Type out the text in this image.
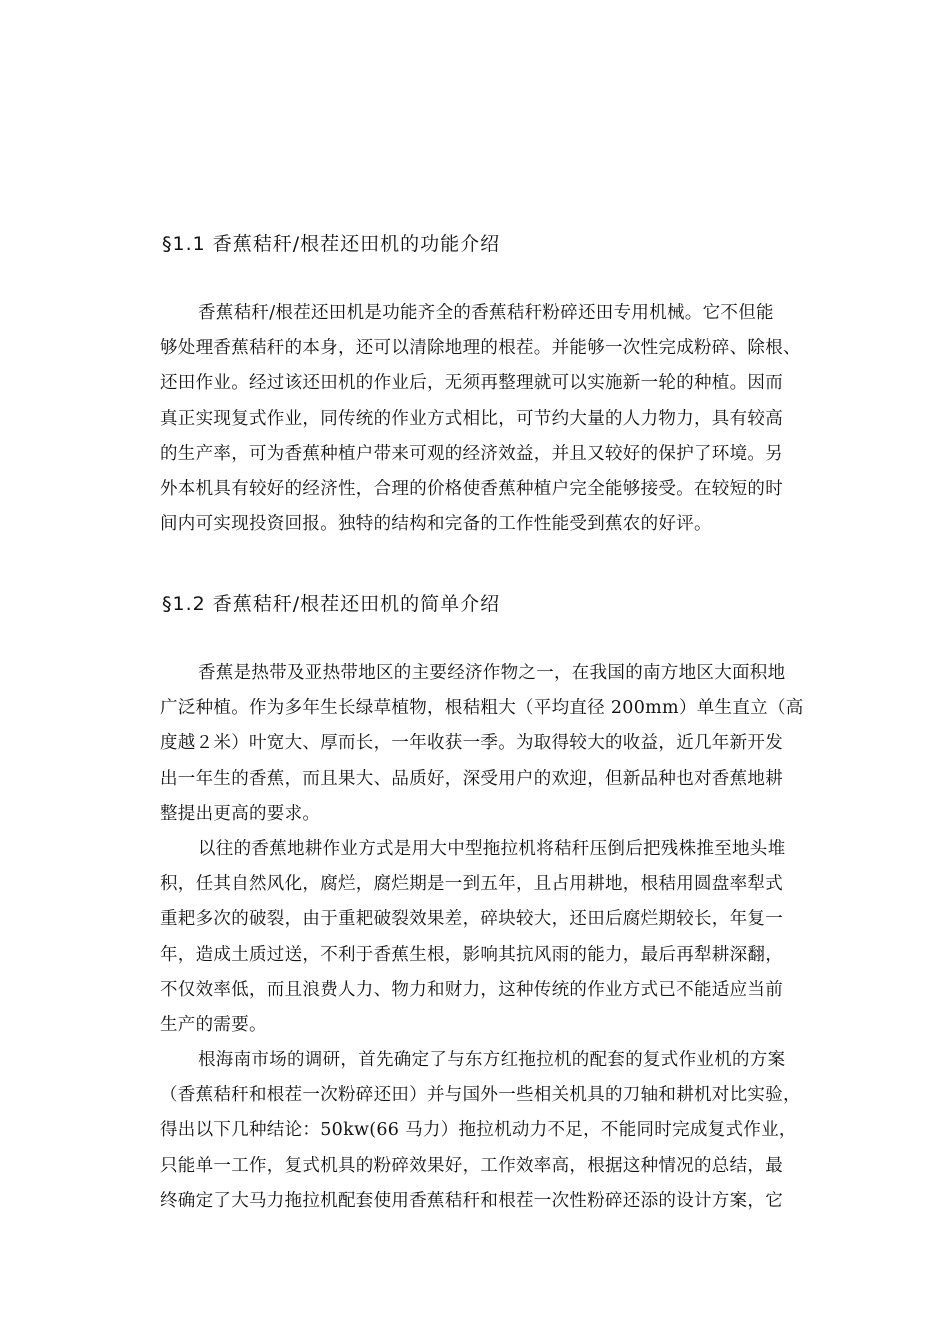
§1.1 香蕉秸秆/根茬还田机的功能介绍
香蕉秸秆/根茬还田机是功能齐全的香蕉秸秆粉碎还田专用机械。它不但能
够处理香蕉秸秆的本身，还可以清除地理的根茬。并能够一次性完成粉碎、除根、
还田作业。经过该还田机的作业后，无须再整理就可以实施新一轮的种植。因而
真正实现复式作业，同传统的作业方式相比，可节约大量的人力物力，具有较高
的生产率，可为香蕉种植户带来可观的经济效益，并且又较好的保护了环境。另
外本机具有较好的经济性，合理的价格使香蕉种植户完全能够接受。在较短的时
间内可实现投资回报。独特的结构和完备的工作性能受到蕉农的好评。
§1.2 香蕉秸秆/根茬还田机的简单介绍
香蕉是热带及亚热带地区的主要经济作物之一，在我国的南方地区大面积地
广泛种植。作为多年生长绿草植物，根秸粗大（平均直径 200mm）单生直立（高
度越２米）叶宽大、厚而长，一年收获一季。为取得较大的收益，近几年新开发
出一年生的香蕉，而且果大、品质好，深受用户的欢迎，但新品种也对香蕉地耕
整提出更高的要求。
以往的香蕉地耕作业方式是用大中型拖拉机将秸秆压倒后把残株推至地头堆
积，任其自然风化，腐烂，腐烂期是一到五年，且占用耕地，根秸用圆盘率犁式
重耙多次的破裂，由于重耙破裂效果差，碎块较大，还田后腐烂期较长，年复一
年，造成土质过送，不利于香蕉生根，影响其抗风雨的能力，最后再犁耕深翻，
不仅效率低，而且浪费人力、物力和财力，这种传统的作业方式已不能适应当前
生产的需要。
根海南市场的调研，首先确定了与东方红拖拉机的配套的复式作业机的方案
（香蕉秸秆和根茬一次粉碎还田）并与国外一些相关机具的刀轴和耕机对比实验，
得出以下几种结论：50kw(66 马力）拖拉机动力不足，不能同时完成复式作业，
只能单一工作，复式机具的粉碎效果好，工作效率高，根据这种情况的总结，最
终确定了大马力拖拉机配套使用香蕉秸秆和根茬一次性粉碎还添的设计方案，它
